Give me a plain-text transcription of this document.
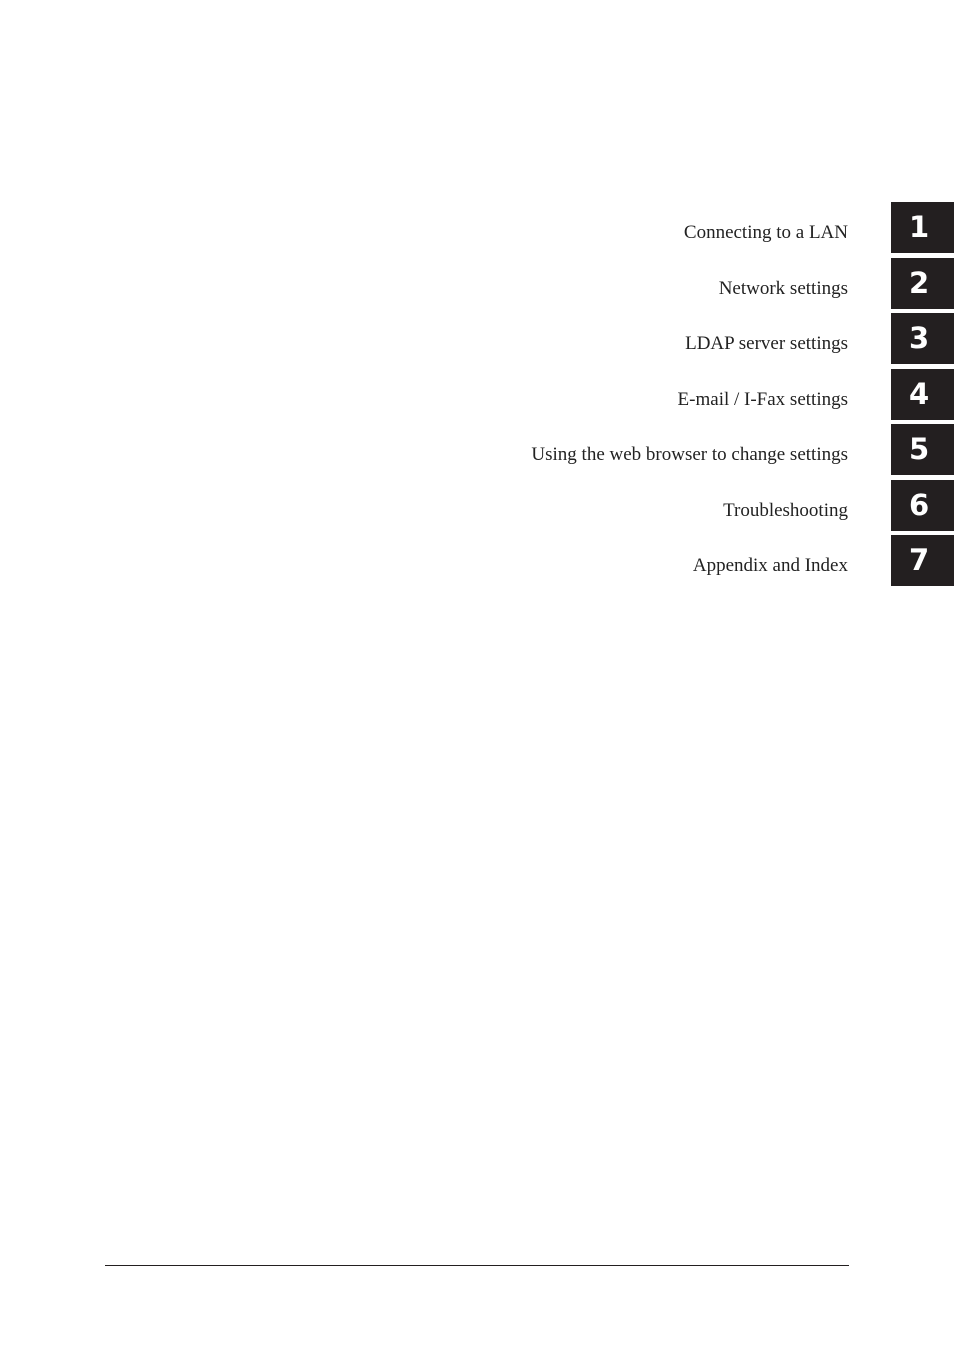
Connecting to a LAN	1
Network settings	2
LDAP server settings	3
E-mail / I-Fax settings	4
Using the web browser to change settings	5
Troubleshooting	6
Appendix and Index	7
